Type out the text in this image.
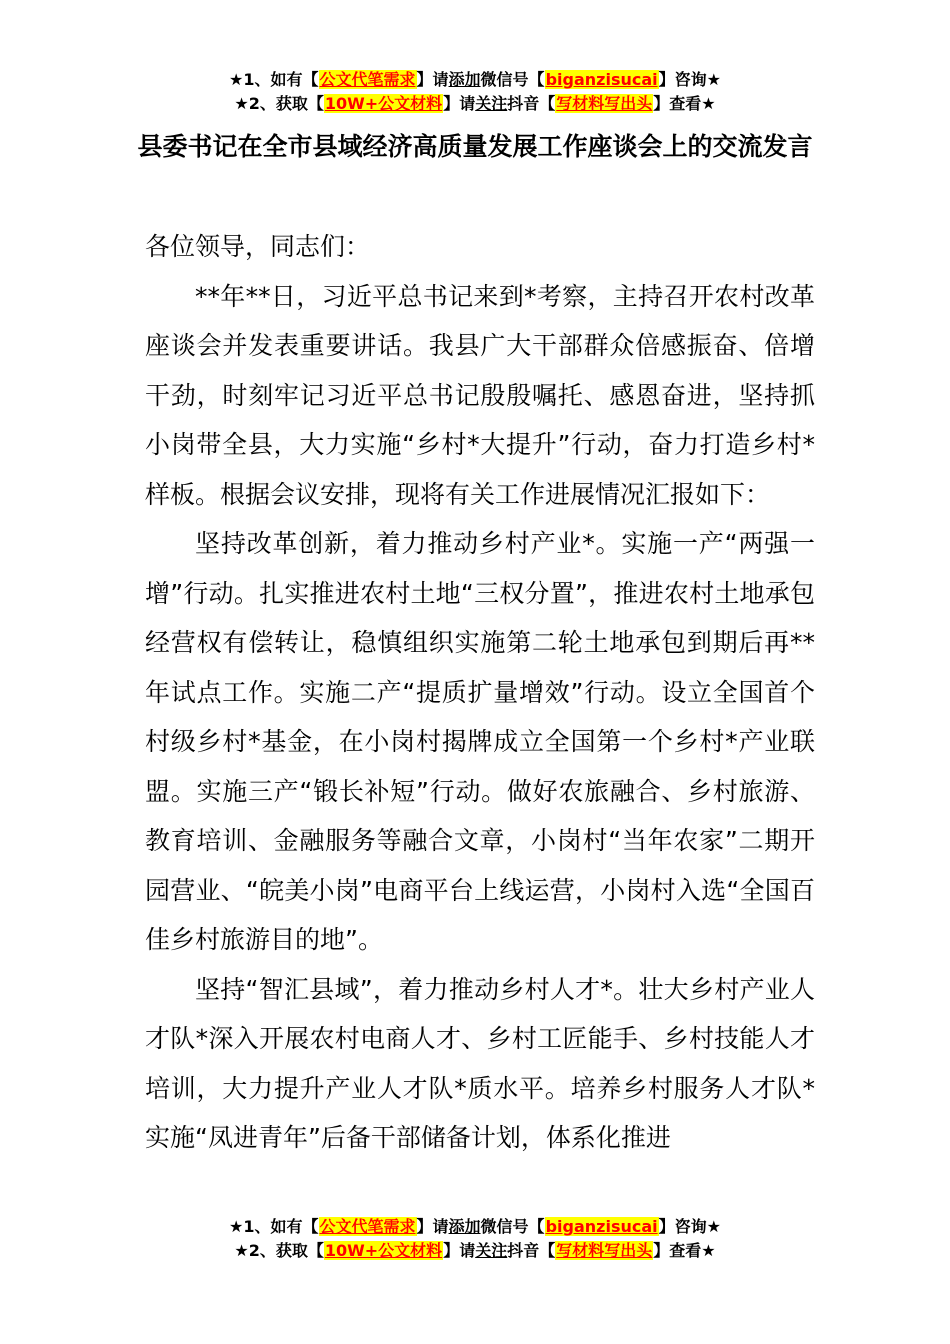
★1、如有【公文代笔需求】请添加微信号【biganzisucai】咨询★
★2、获取【10W+公文材料】请关注抖音【写材料写出头】查看★
县委书记在全市县域经济高质量发展工作座谈会上的交流发言

各位领导，同志们：

**年**日，习近平总书记来到*考察，主持召开农村改革座谈会并发表重要讲话。我县广大干部群众倍感振奋、倍增干劲，时刻牢记习近平总书记殷殷嘱托、感恩奋进，坚持抓小岗带全县，大力实施“乡村*大提升”行动，奋力打造乡村*样板。根据会议安排，现将有关工作进展情况汇报如下：

坚持改革创新，着力推动乡村产业*。实施一产“两强一增”行动。扎实推进农村土地“三权分置”，推进农村土地承包经营权有偿转让，稳慎组织实施第二轮土地承包到期后再**年试点工作。实施二产“提质扩量增效”行动。设立全国首个村级乡村*基金，在小岗村揭牌成立全国第一个乡村*产业联盟。实施三产“锻长补短”行动。做好农旅融合、乡村旅游、教育培训、金融服务等融合文章，小岗村“当年农家”二期开园营业、“皖美小岗”电商平台上线运营，小岗村入选“全国百佳乡村旅游目的地”。

坚持“智汇县域”，着力推动乡村人才*。壮大乡村产业人才队*深入开展农村电商人才、乡村工匠能手、乡村技能人才培训，大力提升产业人才队*质水平。培养乡村服务人才队*实施“凤进青年”后备干部储备计划，体系化推进

★1、如有【公文代笔需求】请添加微信号【biganzisucai】咨询★
★2、获取【10W+公文材料】请关注抖音【写材料写出头】查看★
